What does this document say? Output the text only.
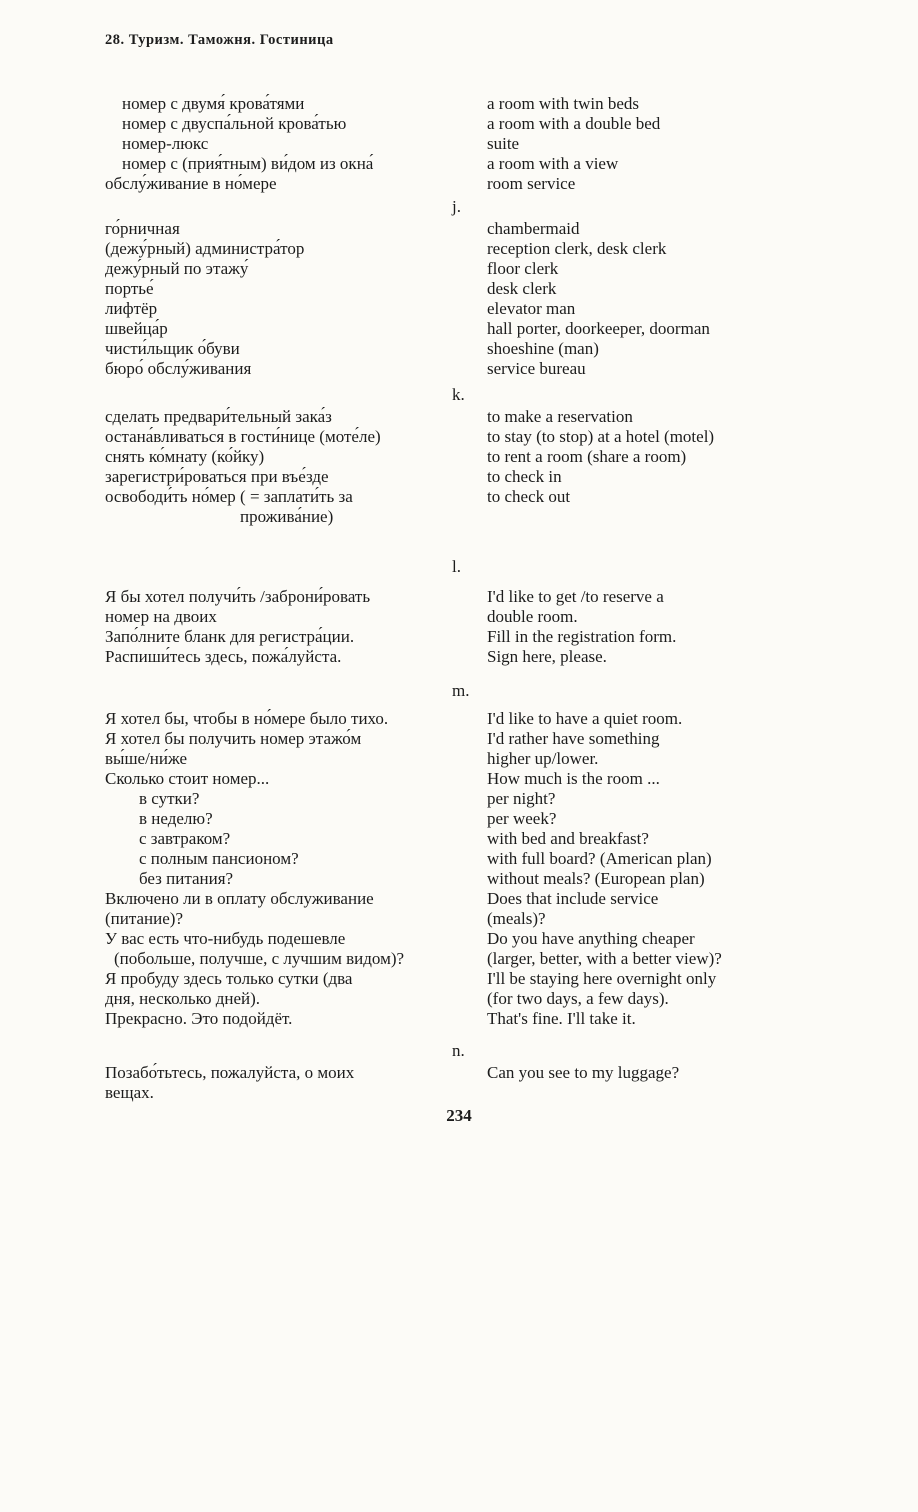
28. Туризм. Таможня. Гостиница
номер с двумя́ крова́тями	a room with twin beds
номер с двуспа́льной крова́тью	a room with a double bed
номер-люкс	suite
номер с (прия́тным) ви́дом из окна́	a room with a view
обслу́живание в но́мере	room service
j.
го́рничная	chambermaid
(дежу́рный) администра́тор	reception clerk, desk clerk
дежу́рный по этажу́	floor clerk
портье́	desk clerk
лифтёр	elevator man
швейца́р	hall porter, doorkeeper, doorman
чисти́льщик о́буви	shoeshine (man)
бюро́ обслу́живания	service bureau
k.
сделать предвари́тельный зака́з	to make a reservation
остана́вливаться в гости́нице (моте́ле)	to stay (to stop) at a hotel (motel)
снять ко́мнату (ко́йку)	to rent a room (share a room)
зарегистри́роваться при въе́зде	to check in
освободи́ть но́мер ( = заплати́ть за	to check out
прожива́ние)
l.
Я бы хотел получи́ть /заброни́ровать	I'd like to get /to reserve a
номер на двоих	double room.
Запо́лните бланк для регистра́ции.	Fill in the registration form.
Распиши́тесь здесь, пожа́луйста.	Sign here, please.
m.
Я хотел бы, чтобы в но́мере было тихо.	I'd like to have a quiet room.
Я хотел бы получить номер этажо́м	I'd rather have something
вы́ше/ни́же	higher up/lower.
Сколько стоит номер...	How much is the room ...
в сутки?	per night?
в неделю?	per week?
с завтраком?	with bed and breakfast?
с полным пансионом?	with full board? (American plan)
без питания?	without meals? (European plan)
Включено ли в оплату обслуживание	Does that include service
(питание)?	(meals)?
У вас есть что-нибудь подешевле	Do you have anything cheaper
(побольше, получше, с лучшим видом)?	(larger, better, with a better view)?
Я пробуду здесь только сутки (два	I'll be staying here overnight only
дня, несколько дней).	(for two days, a few days).
Прекрасно. Это подойдёт.	That's fine. I'll take it.
n.
Позабо́тьтесь, пожалуйста, о моих	Can you see to my luggage?
вещах.
234
